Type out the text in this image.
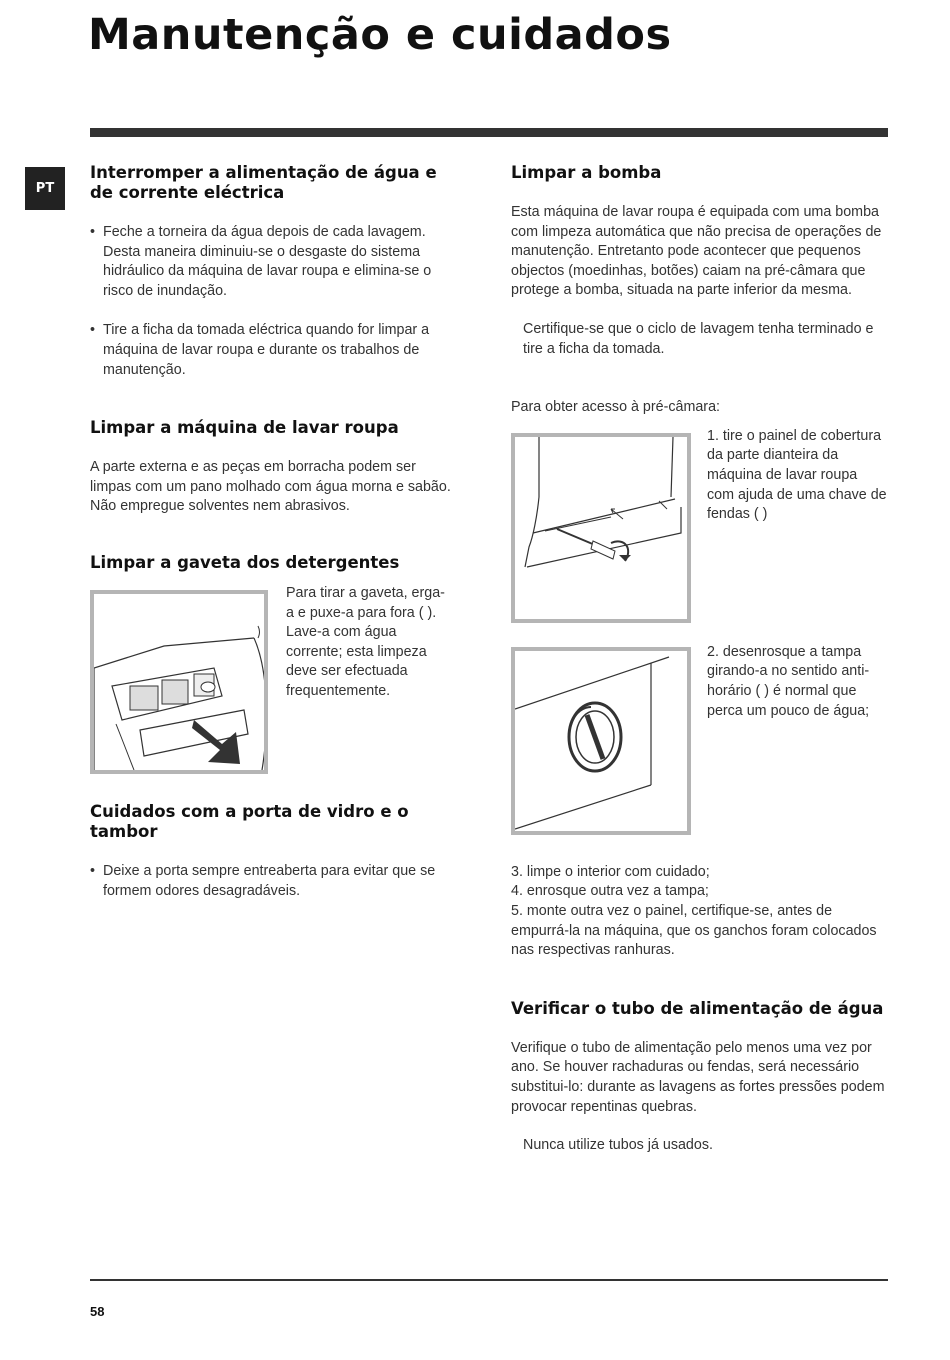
Manutenção e cuidados
PT
Interromper a alimentação de água e de corrente eléctrica
• Feche a torneira da água depois de cada lavagem. Desta maneira diminuiu-se o desgaste do sistema hidráulico da máquina de lavar roupa e elimina-se o risco de inundação.
• Tire a ficha da tomada eléctrica quando for limpar a máquina de lavar roupa e durante os trabalhos de manutenção.
Limpar a máquina de lavar roupa

A parte externa e as peças em borracha podem ser limpas com um pano molhado com água morna e sabão. Não empregue solventes nem abrasivos.

Limpar a gaveta dos detergentes

Para tirar a gaveta, erga-a e puxe-a para fora ( ). Lave-a com água corrente; esta limpeza deve ser efectuada frequentemente.

Cuidados com a porta de vidro e o tambor
• Deixe a porta sempre entreaberta para evitar que se formem odores desagradáveis.
Limpar a bomba

Esta máquina de lavar roupa é equipada com uma bomba com limpeza automática que não precisa de operações de manutenção. Entretanto pode acontecer que pequenos objectos (moedinhas, botões) caiam na pré-câmara que protege a bomba, situada na parte inferior da mesma.

Certifique-se que o ciclo de lavagem tenha terminado e tire a ficha da tomada.

Para obter acesso à pré-câmara:

1. tire o painel de cobertura da parte dianteira da máquina de lavar roupa com ajuda de uma chave de fendas ( )

2. desenrosque a tampa girando-a no sentido anti-horário ( ) é normal que perca um pouco de água;

3. limpe o interior com cuidado;

4. enrosque outra vez a tampa;

5. monte outra vez o painel, certifique-se, antes de empurrá-la na máquina, que os ganchos foram colocados nas respectivas ranhuras.

Verificar o tubo de alimentação de água

Verifique o tubo de alimentação pelo menos uma vez por ano. Se houver rachaduras ou fendas, será necessário substitui-lo: durante as lavagens as fortes pressões podem provocar repentinas quebras.

Nunca utilize tubos já usados.

58
